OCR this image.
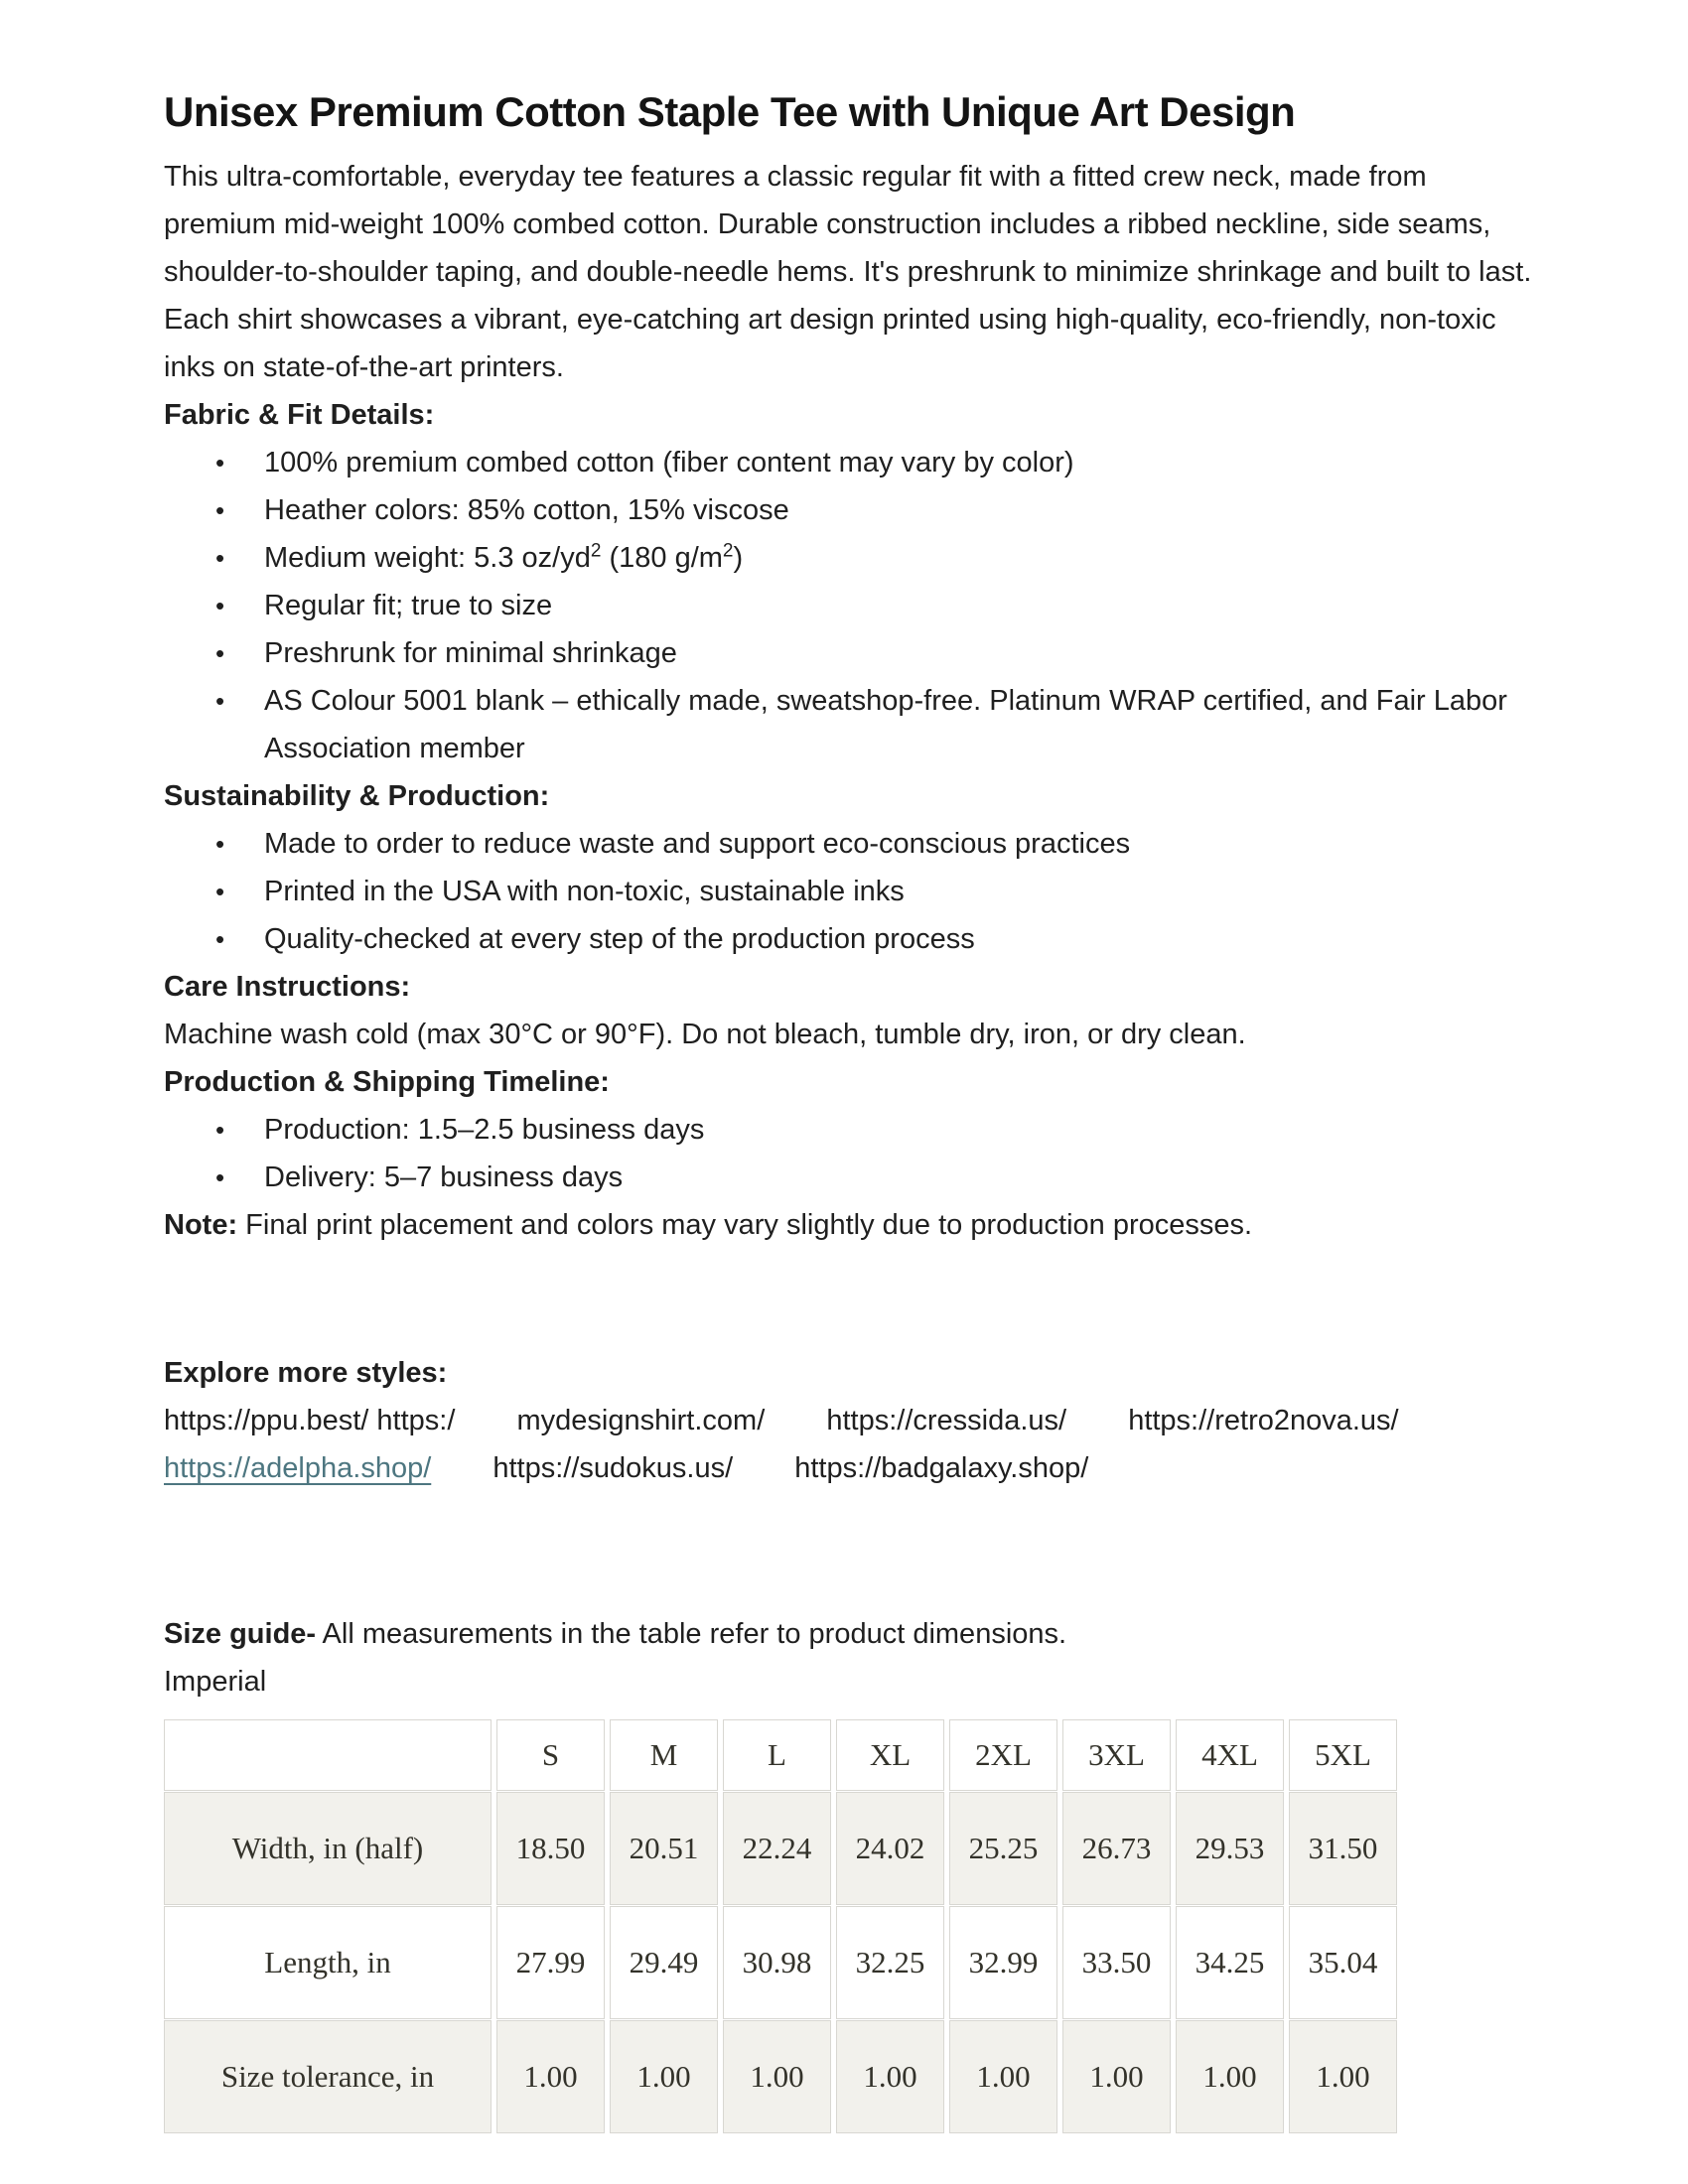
Unisex Premium Cotton Staple Tee with Unique Art Design

This ultra-comfortable, everyday tee features a classic regular fit with a fitted crew neck, made from premium mid-weight 100% combed cotton. Durable construction includes a ribbed neckline, side seams, shoulder-to-shoulder taping, and double-needle hems. It's preshrunk to minimize shrinkage and built to last.

Each shirt showcases a vibrant, eye-catching art design printed using high-quality, eco-friendly, non-toxic inks on state-of-the-art printers.

Fabric & Fit Details:

• 100% premium combed cotton (fiber content may vary by color)
• Heather colors: 85% cotton, 15% viscose
• Medium weight: 5.3 $oz/yd^2$ (180 $g/m^2$)
• Regular fit; true to size
• Preshrunk for minimal shrinkage
• AS Colour 5001 blank – ethically made, sweatshop-free. Platinum WRAP certified, and Fair Labor Association member

Sustainability & Production:

• Made to order to reduce waste and support eco-conscious practices
• Printed in the USA with non-toxic, sustainable inks
• Quality-checked at every step of the production process

Care Instructions:

Machine wash cold (max 30°C or 90°F). Do not bleach, tumble dry, iron, or dry clean.

Production & Shipping Timeline:

• Production: 1.5–2.5 business days
• Delivery: 5–7 business days

Note: Final print placement and colors may vary slightly due to production processes.

Explore more styles:

https://ppu.best/ https:/ mydesignshirt.com/ https://cressida.us/ https://retro2nova.us/

https://adelpha.shop/ https://sudokus.us/ https://badgalaxy.shop/

Size guide- All measurements in the table refer to product dimensions.

Imperial

	S	M	L	XL	2XL	3XL	4XL	5XL
Width, in (half)	18.50	20.51	22.24	24.02	25.25	26.73	29.53	31.50
Length, in	27.99	29.49	30.98	32.25	32.99	33.50	34.25	35.04
Size tolerance, in	1.00	1.00	1.00	1.00	1.00	1.00	1.00	1.00
